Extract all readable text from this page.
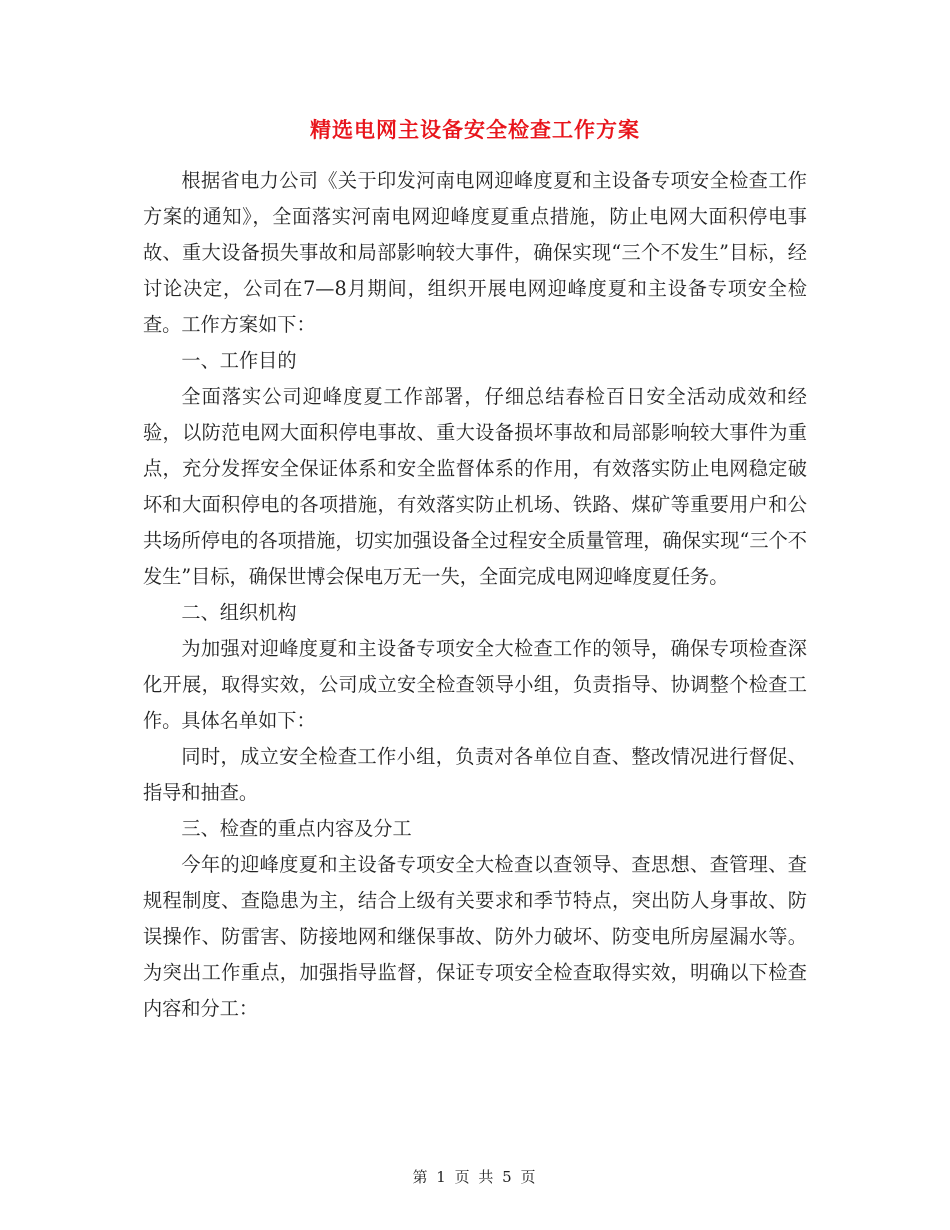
精选电网主设备安全检查工作方案

根据省电力公司《关于印发河南电网迎峰度夏和主设备专项安全检查工作方案的通知》，全面落实河南电网迎峰度夏重点措施，防止电网大面积停电事故、重大设备损失事故和局部影响较大事件，确保实现“三个不发生”目标，经讨论决定，公司在7—8月期间，组织开展电网迎峰度夏和主设备专项安全检查。工作方案如下：

一、工作目的

全面落实公司迎峰度夏工作部署，仔细总结春检百日安全活动成效和经验，以防范电网大面积停电事故、重大设备损坏事故和局部影响较大事件为重点，充分发挥安全保证体系和安全监督体系的作用，有效落实防止电网稳定破坏和大面积停电的各项措施，有效落实防止机场、铁路、煤矿等重要用户和公共场所停电的各项措施，切实加强设备全过程安全质量管理，确保实现“三个不发生”目标，确保世博会保电万无一失，全面完成电网迎峰度夏任务。

二、组织机构

为加强对迎峰度夏和主设备专项安全大检查工作的领导，确保专项检查深化开展，取得实效，公司成立安全检查领导小组，负责指导、协调整个检查工作。具体名单如下：

同时，成立安全检查工作小组，负责对各单位自查、整改情况进行督促、指导和抽查。

三、检查的重点内容及分工

今年的迎峰度夏和主设备专项安全大检查以查领导、查思想、查管理、查规程制度、查隐患为主，结合上级有关要求和季节特点，突出防人身事故、防误操作、防雷害、防接地网和继保事故、防外力破坏、防变电所房屋漏水等。为突出工作重点，加强指导监督，保证专项安全检查取得实效，明确以下检查内容和分工：

第 1 页 共 5 页
